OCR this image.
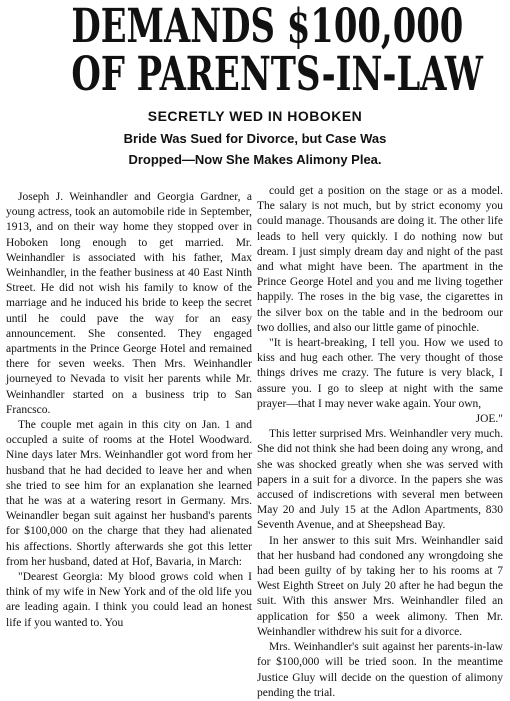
DEMANDS $100,000
OF PARENTS-IN-LAW
SECRETLY WED IN HOBOKEN
Bride Was Sued for Divorce, but Case Was Dropped—Now She Makes Alimony Plea.

Joseph J. Weinhandler and Georgia Gardner, a young actress, took an automobile ride in September, 1913, and on their way home they stopped over in Hoboken long enough to get married. Mr. Weinhandler is associated with his father, Max Weinhandler, in the feather business at 40 East Ninth Street. He did not wish his family to know of the marriage and he induced his bride to keep the secret until he could pave the way for an easy announcement. She consented. They engaged apartments in the Prince George Hotel and remained there for seven weeks. Then Mrs. Weinhandler journeyed to Nevada to visit her parents while Mr. Weinhandler started on a business trip to San Francsco.

The couple met again in this city on Jan. 1 and occupled a suite of rooms at the Hotel Woodward. Nine days later Mrs. Weinhandler got word from her husband that he had decided to leave her and when she tried to see him for an explanation she learned that he was at a watering resort in Germany. Mrs. Weinandler began suit against her husband's parents for $100,000 on the charge that they had alienated his affections. Shortly afterwards she got this letter from her husband, dated at Hof, Bavaria, in March:

"Dearest Georgia: My blood grows cold when I think of my wife in New York and of the old life you are leading again. I think you could lead an honest life if you wanted to. You

could get a position on the stage or as a model. The salary is not much, but by strict economy you could manage. Thousands are doing it. The other life leads to hell very quickly. I do nothing now but dream. I just simply dream day and night of the past and what might have been. The apartment in the Prince George Hotel and you and me living together happily. The roses in the big vase, the cigarettes in the silver box on the table and in the bedroom our two dollies, and also our little game of pinochle.

"It is heart-breaking, I tell you. How we used to kiss and hug each other. The very thought of those things drives me crazy. The future is very black, I assure you. I go to sleep at night with the same prayer—that I may never wake again. Your own,

JOE."

This letter surprised Mrs. Weinhandler very much. She did not think she had been doing any wrong, and she was shocked greatly when she was served with papers in a suit for a divorce. In the papers she was accused of indiscretions with several men between May 20 and July 15 at the Adlon Apartments, 830 Seventh Avenue, and at Sheepshead Bay.

In her answer to this suit Mrs. Weinhandler said that her husband had condoned any wrongdoing she had been guilty of by taking her to his rooms at 7 West Eighth Street on July 20 after he had begun the suit. With this answer Mrs. Weinhandler filed an application for $50 a week alimony. Then Mr. Weinhandler withdrew his suit for a divorce.

Mrs. Weinhandler's suit against her parents-in-law for $100,000 will be tried soon. In the meantime Justice Gluy will decide on the question of alimony pending the trial.
